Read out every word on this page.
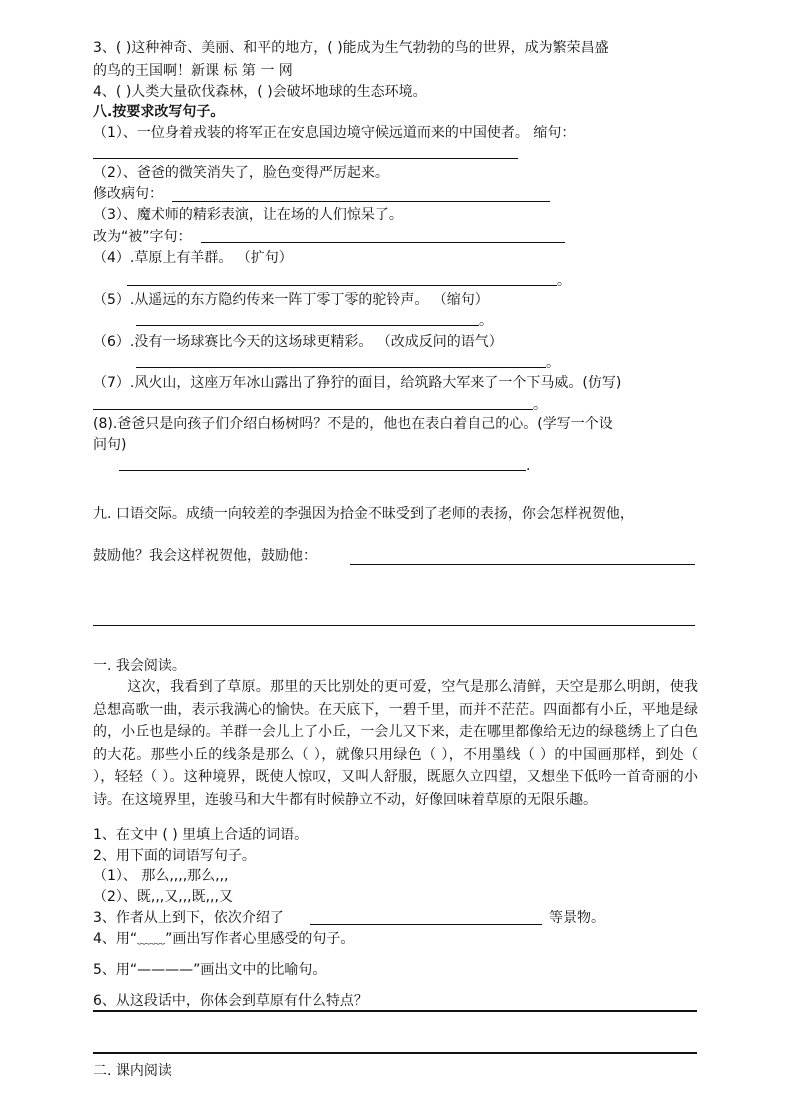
3、( )这种神奇、美丽、和平的地方，( )能成为生气勃勃的鸟的世界，成为繁荣昌盛
的鸟的王国啊！新课 标 第 一 网
4、( )人类大量砍伐森林，( )会破坏地球的生态环境。
八.按要求改写句子。
（1）、一位身着戎装的将军正在安息国边境守候远道而来的中国使者。 缩句：
（2）、爸爸的微笑消失了，脸色变得严厉起来。
修改病句：
（3）、魔术师的精彩表演，让在场的人们惊呆了。
改为“被”字句：
（4）.草原上有羊群。 （扩句）
。
（5）.从遥远的东方隐约传来一阵丁零丁零的驼铃声。 （缩句）
。
（6）.没有一场球赛比今天的这场球更精彩。 （改成反问的语气）
。
（7）.风火山，这座万年冰山露出了狰狞的面目，给筑路大军来了一个下马威。(仿写)
。
(8).爸爸只是向孩子们介绍白杨树吗？不是的，他也在表白着自己的心。(学写一个设
问句)
.
九. 口语交际。成绩一向较差的李强因为拾金不昧受到了老师的表扬，你会怎样祝贺他，
鼓励他？我会这样祝贺他，鼓励他：
一. 我会阅读。
这次，我看到了草原。那里的天比别处的更可爱，空气是那么清鲜，天空是那么明朗，使我总想高歌一曲，表示我满心的愉快。在天底下，一碧千里，而并不茫茫。四面都有小丘，平地是绿的，小丘也是绿的。羊群一会儿上了小丘，一会儿又下来，走在哪里都像给无边的绿毯绣上了白色的大花。那些小丘的线条是那么（ ），就像只用绿色（ ），不用墨线（ ）的中国画那样，到处（ ），轻轻（ ）。这种境界，既使人惊叹，又叫人舒服，既愿久立四望，又想坐下低吟一首奇丽的小诗。在这境界里，连骏马和大牛都有时候静立不动，好像回味着草原的无限乐趣。
1、在文中 ( ) 里填上合适的词语。
2、用下面的词语写句子。
（1）、 那么,,,,那么,,,
（2）、既,,,又,,,既,,,又
3、作者从上到下，依次介绍了	等景物。
4、用“﹏﹏”画出写作者心里感受的句子。
5、用“————”画出文中的比喻句。
6、从这段话中，你体会到草原有什么特点？
二. 课内阅读
